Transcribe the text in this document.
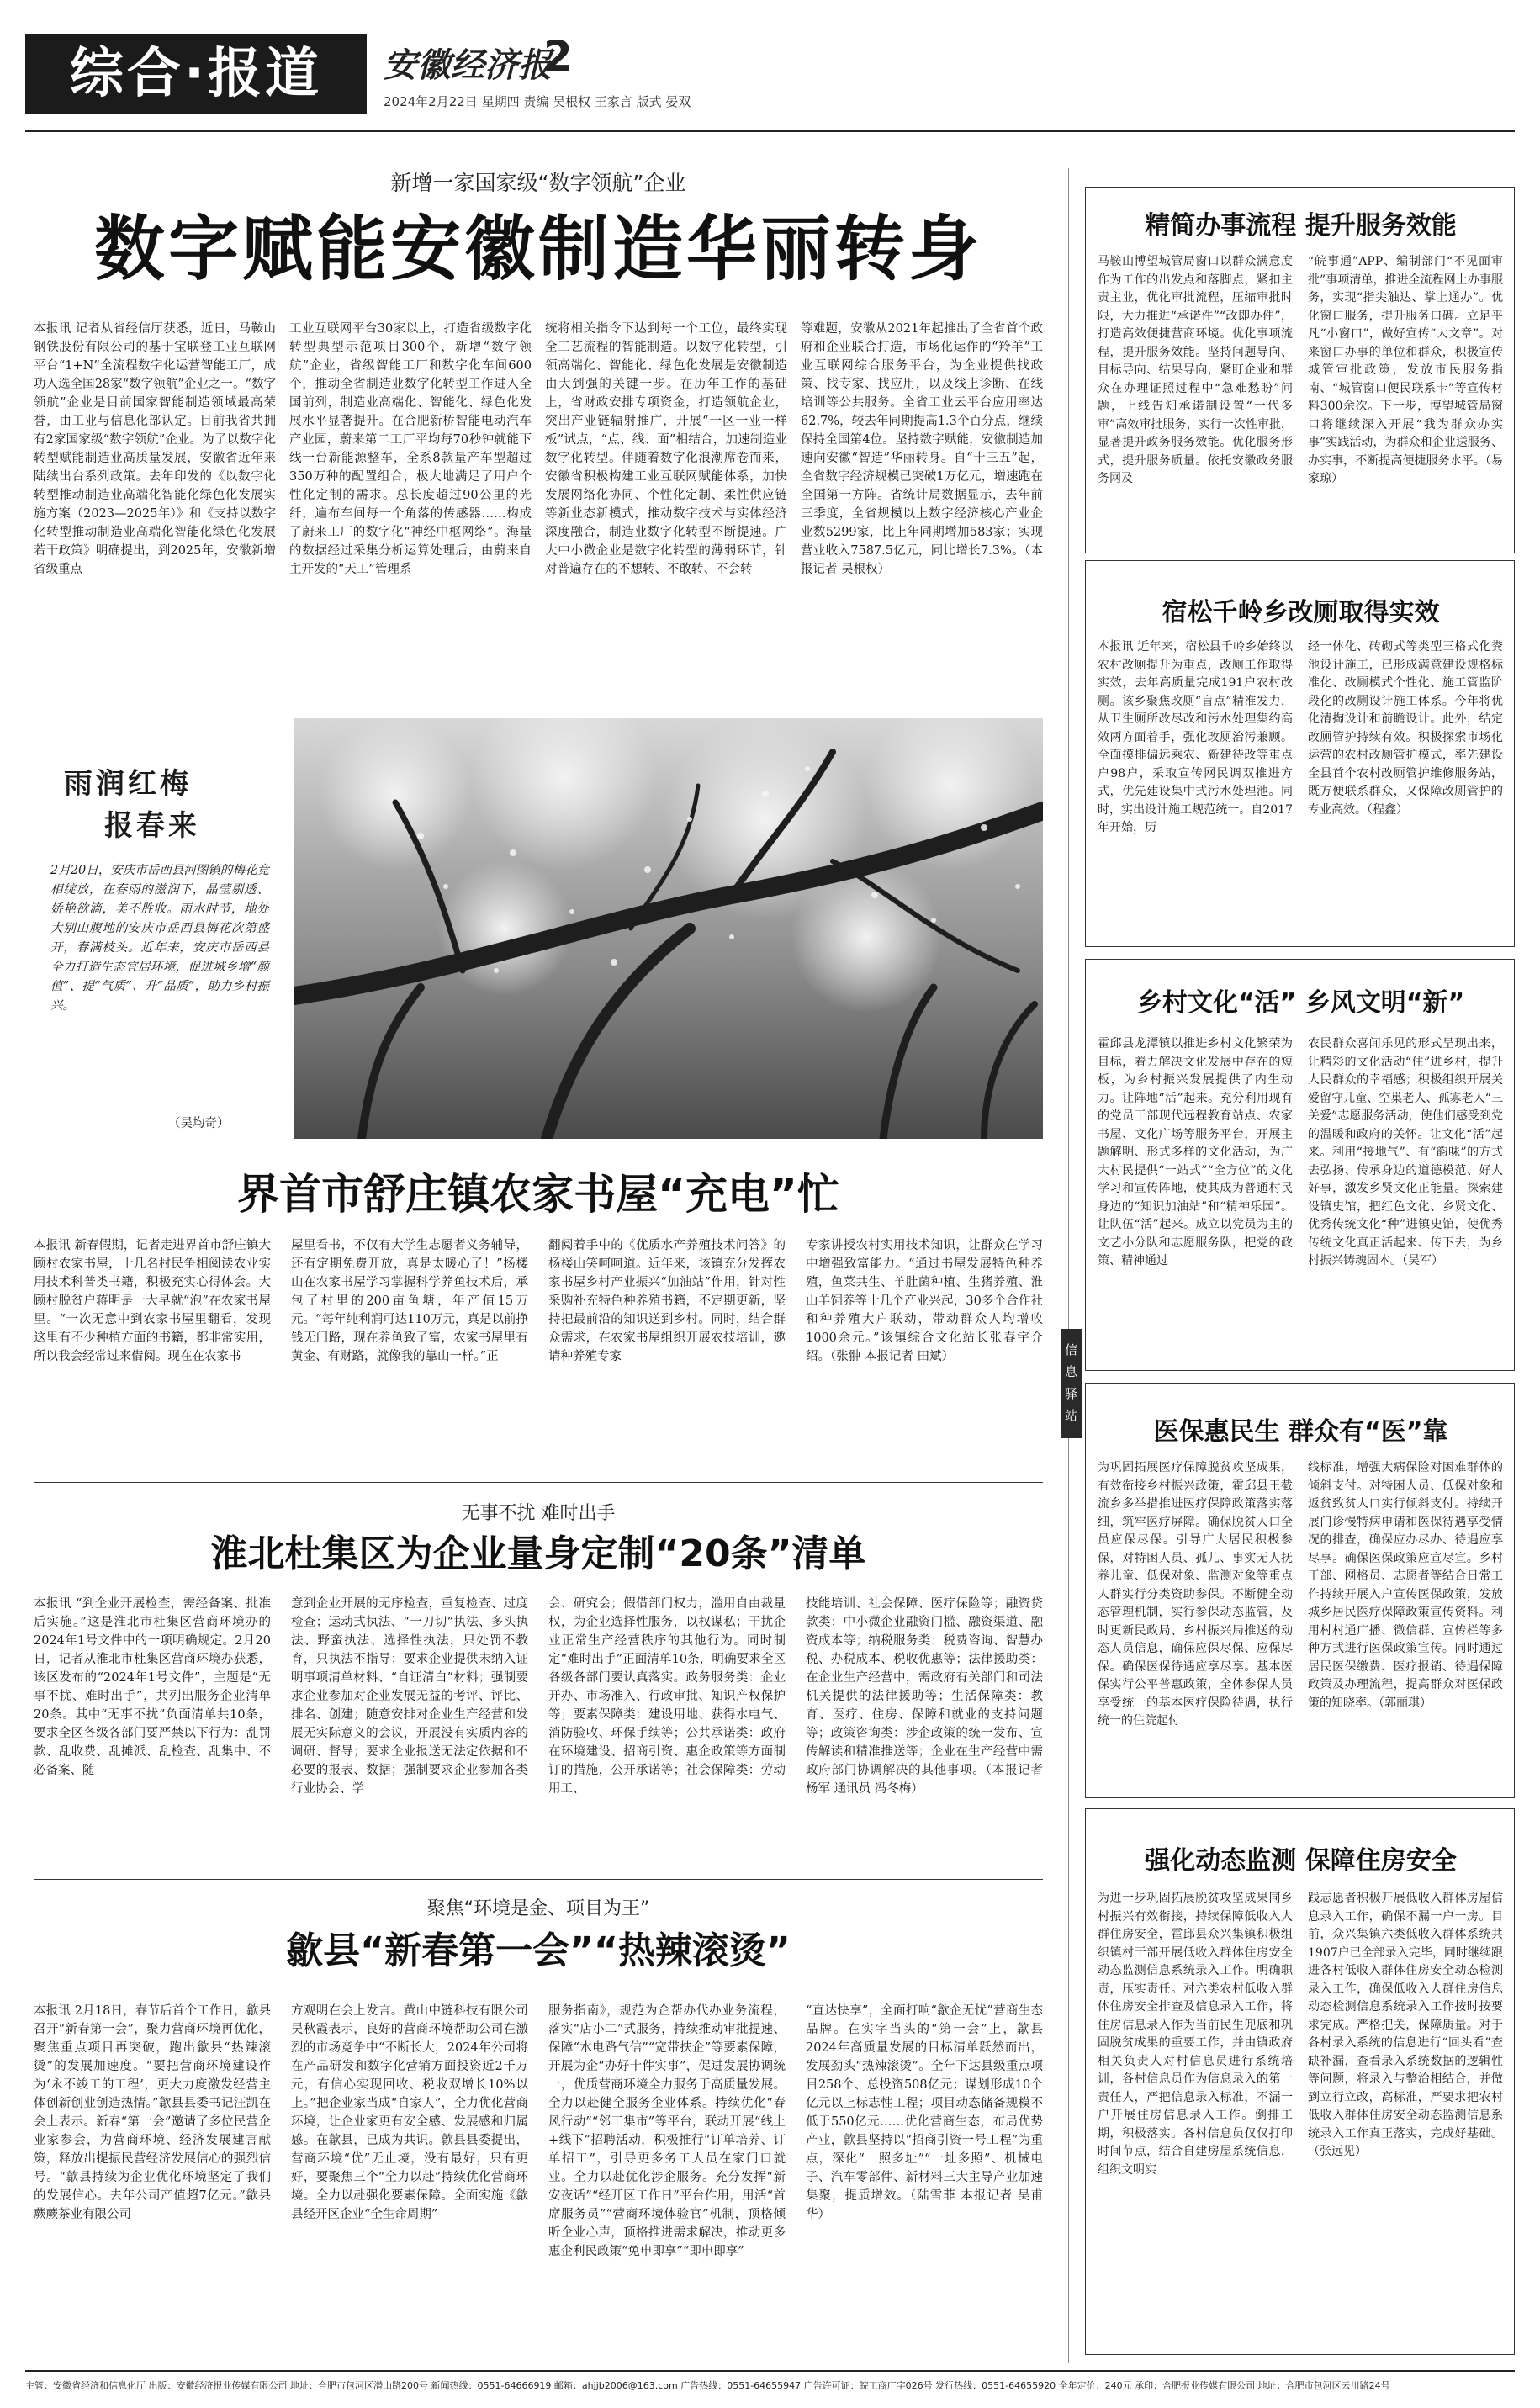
综合·报道	安徽经济报
2
2024年2月22日 星期四 责编 吴根权 王家言 版式 晏双
新增一家国家级“数字领航”企业
数字赋能安徽制造华丽转身
本报讯 记者从省经信厅获悉，近日，马鞍山钢铁股份有限公司的基于宝联登工业互联网平台“1+N”全流程数字化运营智能工厂，成功入选全国28家“数字领航”企业之一。“数字领航”企业是目前国家智能制造领域最高荣誉，由工业与信息化部认定。目前我省共拥有2家国家级“数字领航”企业。为了以数字化转型赋能制造业高质量发展，安徽省近年来陆续出台系列政策。去年印发的《以数字化转型推动制造业高端化智能化绿色化发展实施方案（2023—2025年）》和《支持以数字化转型推动制造业高端化智能化绿色化发展若干政策》明确提出，到2025年，安徽新增省级重点
工业互联网平台30家以上，打造省级数字化转型典型示范项目300个，新增“数字领航”企业，省级智能工厂和数字化车间600个，推动全省制造业数字化转型工作进入全国前列，制造业高端化、智能化、绿色化发展水平显著提升。在合肥新桥智能电动汽车产业园，蔚来第二工厂平均每70秒钟就能下线一台新能源整车，全系8款量产车型超过350万种的配置组合，极大地满足了用户个性化定制的需求。总长度超过90公里的光纤，遍布车间每一个角落的传感器……构成了蔚来工厂的数字化“神经中枢网络”。海量的数据经过采集分析运算处理后，由蔚来自主开发的“天工”管理系
统将相关指令下达到每一个工位，最终实现全工艺流程的智能制造。以数字化转型，引领高端化、智能化、绿色化发展是安徽制造由大到强的关键一步。在历年工作的基础上，省财政安排专项资金，打造领航企业，突出产业链辐射推广，开展“一区一业一样板”试点，“点、线、面”相结合，加速制造业数字化转型。伴随着数字化浪潮席卷而来，安徽省积极构建工业互联网赋能体系，加快发展网络化协同、个性化定制、柔性供应链等新业态新模式，推动数字技术与实体经济深度融合，制造业数字化转型不断提速。广大中小微企业是数字化转型的薄弱环节，针对普遍存在的不想转、不敢转、不会转
等难题，安徽从2021年起推出了全省首个政府和企业联合打造，市场化运作的“羚羊”工业互联网综合服务平台，为企业提供找政策、找专家、找应用，以及线上诊断、在线培训等公共服务。全省工业云平台应用率达62.7%，较去年同期提高1.3个百分点，继续保持全国第4位。坚持数字赋能，安徽制造加速向安徽“智造”华丽转身。自“十三五”起，全省数字经济规模已突破1万亿元，增速跑在全国第一方阵。省统计局数据显示，去年前三季度，全省规模以上数字经济核心产业企业数5299家，比上年同期增加583家；实现营业收入7587.5亿元，同比增长7.3%。（本报记者 吴根权）
雨润红梅
报春来
2月20日，安庆市岳西县河图镇的梅花竞相绽放，在春雨的滋润下，晶莹剔透、娇艳欲滴，美不胜收。雨水时节，地处大别山腹地的安庆市岳西县梅花次第盛开，春满枝头。近年来，安庆市岳西县全力打造生态宜居环境，促进城乡增“颜值”、提“气质”、升“品质”，助力乡村振兴。
（吴均奇）
界首市舒庄镇农家书屋“充电”忙
本报讯 新春假期，记者走进界首市舒庄镇大顾村农家书屋，十几名村民争相阅读农业实用技术科普类书籍，积极充实心得体会。大顾村脱贫户蒋明是一大早就“泡”在农家书屋里。“一次无意中到农家书屋里翻看，发现这里有不少种植方面的书籍，都非常实用，所以我会经常过来借阅。现在在农家书
屋里看书，不仅有大学生志愿者义务辅导，还有定期免费开放，真是太暖心了！”杨楼山在农家书屋学习掌握科学养鱼技术后，承包了村里的200亩鱼塘，年产值15万元。“每年纯利润可达110万元，真是以前挣钱无门路，现在养鱼致了富，农家书屋里有黄金、有财路，就像我的靠山一样。”正
翻阅着手中的《优质水产养殖技术问答》的杨楼山笑呵呵道。近年来，该镇充分发挥农家书屋乡村产业振兴“加油站”作用，针对性采购补充特色种养殖书籍，不定期更新，坚持把最前沿的知识送到乡村。同时，结合群众需求，在农家书屋组织开展农技培训，邀请种养殖专家
专家讲授农村实用技术知识，让群众在学习中增强致富能力。“通过书屋发展特色种养殖，鱼菜共生、羊肚菌种植、生猪养殖、淮山羊饲养等十几个产业兴起，30多个合作社和种养殖大户联动，带动群众人均增收1000余元。”该镇综合文化站长张春宇介绍。（张翀 本报记者 田斌）
无事不扰 难时出手
淮北杜集区为企业量身定制“20条”清单
本报讯 “到企业开展检查，需经备案、批准后实施。”这是淮北市杜集区营商环境办的2024年1号文件中的一项明确规定。2月20日，记者从淮北市杜集区营商环境办获悉，该区发布的“2024年1号文件”，主题是“无事不扰、难时出手”，共列出服务企业清单20条。其中“无事不扰”负面清单共10条，要求全区各级各部门要严禁以下行为：乱罚款、乱收费、乱摊派、乱检查、乱集中、不必备案、随
意到企业开展的无序检查，重复检查、过度检查；运动式执法、“一刀切”执法、多头执法、野蛮执法、选择性执法，只处罚不教育，只执法不指导；要求企业提供未纳入证明事项清单材料、“自证清白”材料；强制要求企业参加对企业发展无益的考评、评比、排名、创建；随意安排对企业生产经营和发展无实际意义的会议，开展没有实质内容的调研、督导；要求企业报送无法定依据和不必要的报表、数据；强制要求企业参加各类行业协会、学
会、研究会；假借部门权力，滥用自由裁量权，为企业选择性服务，以权谋私；干扰企业正常生产经营秩序的其他行为。同时制定“难时出手”正面清单10条，明确要求全区各级各部门要认真落实。政务服务类：企业开办、市场准入、行政审批、知识产权保护等；要素保障类：建设用地、获得水电气、消防验收、环保手续等；公共承诺类：政府在环境建设、招商引资、惠企政策等方面制订的措施，公开承诺等；社会保障类：劳动用工、
技能培训、社会保障、医疗保险等；融资贷款类：中小微企业融资门槛、融资渠道、融资成本等；纳税服务类：税费咨询、智慧办税、办税成本、税收优惠等；法律援助类：在企业生产经营中，需政府有关部门和司法机关提供的法律援助等；生活保障类：教育、医疗、住房、保障和就业的支持问题等；政策咨询类：涉企政策的统一发布、宣传解读和精准推送等；企业在生产经营中需政府部门协调解决的其他事项。（本报记者 杨军 通讯员 冯冬梅）
聚焦“环境是金、项目为王”
歙县“新春第一会”“热辣滚烫”
本报讯 2月18日，春节后首个工作日，歙县召开“新春第一会”，聚力营商环境再优化，聚焦重点项目再突破，跑出歙县“热辣滚烫”的发展加速度。“要把营商环境建设作为‘永不竣工的工程’，更大力度激发经营主体创新创业创造热情。”歙县县委书记汪凯在会上表示。新春“第一会”邀请了多位民营企业家参会，为营商环境、经济发展建言献策，释放出提振民营经济发展信心的强烈信号。“歙县持续为企业优化环境坚定了我们的发展信心。去年公司产值超7亿元。”歙县蕨蕨茶业有限公司
方观明在会上发言。黄山中链科技有限公司吴秋霞表示，良好的营商环境帮助公司在激烈的市场竞争中“不断长大，2024年公司将在产品研发和数字化营销方面投资近2千万元，有信心实现回收、税收双增长10%以上。”把企业家当成“自家人”，全力优化营商环境，让企业家更有安全感、发展感和归属感。在歙县，已成为共识。歙县县委提出，营商环境“优”无止境，没有最好，只有更好，要聚焦三个“全力以赴”持续优化营商环境。全力以赴强化要素保障。全面实施《歙县经开区企业“全生命周期”
服务指南》，规范为企帮办代办业务流程，落实“店小二”式服务，持续推动审批提速、保障“水电路气信”“宽带扶企”等要素保障，开展为企“办好十件实事”，促进发展协调统一，优质营商环境全力服务于高质量发展。全力以赴健全服务企业体系。持续优化“春风行动”“邻工集市”等平台，联动开展“线上+线下”招聘活动，积极推行“订单培养、订单招工”，引导更多务工人员在家门口就业。全力以赴优化涉企服务。充分发挥“新安夜话”“经开区工作日”平台作用，用活“首席服务员”“营商环境体验官”机制，顶格倾听企业心声，顶格推进需求解决，推动更多惠企利民政策“免申即享”“即申即享”
“直达快享”，全面打响“歙企无忧”营商生态品牌。在实字当头的“第一会”上，歙县2024年高质量发展的目标清单跃然而出，发展劲头“热辣滚烫”。全年下达县级重点项目258个、总投资508亿元；谋划形成10个亿元以上标志性工程；项目动态储备规模不低于550亿元……优化营商生态，布局优势产业，歙县坚持以“招商引资一号工程”为重点，深化“一照多址”“一址多照”、机械电子、汽车零部件、新材料三大主导产业加速集聚，提质增效。（陆雪菲 本报记者 吴甫华）
精简办事流程 提升服务效能
马鞍山博望城管局窗口以群众满意度作为工作的出发点和落脚点，紧扣主责主业，优化审批流程，压缩审批时限，大力推进“承诺件”“改即办件”，打造高效便捷营商环境。优化事项流程，提升服务效能。坚持问题导向、目标导向、结果导向，紧盯企业和群众在办理证照过程中“急难愁盼”问题，上线告知承诺制设置“一代多审”高效审批服务，实行一次性审批，显著提升政务服务效能。优化服务形式，提升服务质量。依托安徽政务服务网及
“皖事通”APP、编制部门“不见面审批”事项清单，推进全流程网上办事服务，实现“指尖触达、掌上通办”。优化窗口服务，提升服务口碑。立足平凡“小窗口”，做好宣传“大文章”。对来窗口办事的单位和群众，积极宣传城管审批政策，发放市民服务指南、“城管窗口便民联系卡”等宣传材料300余次。下一步，博望城管局窗口将继续深入开展“我为群众办实事”实践活动，为群众和企业送服务、办实事，不断提高便捷服务水平。（易家琼）
宿松千岭乡改厕取得实效
本报讯 近年来，宿松县千岭乡始终以农村改厕提升为重点，改厕工作取得实效，去年高质量完成191户农村改厕。该乡聚焦改厕“盲点”精准发力，从卫生厕所改尽改和污水处理集约高效两方面着手，强化改厕治污兼顾。全面摸排偏远乘农、新建待改等重点户98户，采取宣传网民调双推进方式，优先建设集中式污水处理池。同时，实出设计施工规范统一。自2017年开始，历
经一体化、砖砌式等类型三格式化粪池设计施工，已形成满意建设规格标准化、改厕模式个性化、施工管监阶段化的改厕设计施工体系。今年将优化清掏设计和前瞻设计。此外，结定改厕管护持续有效。积极探索市场化运营的农村改厕管护模式，率先建设全县首个农村改厕管护维修服务站，既方便联系群众，又保障改厕管护的专业高效。（程鑫）
乡村文化“活” 乡风文明“新”
霍邱县龙潭镇以推进乡村文化繁荣为目标，着力解决文化发展中存在的短板，为乡村振兴发展提供了内生动力。让阵地“活”起来。充分利用现有的党员干部现代远程教育站点、农家书屋、文化广场等服务平台，开展主题解明、形式多样的文化活动，为广大村民提供“一站式”“全方位”的文化学习和宣传阵地，使其成为普通村民身边的“知识加油站”和“精神乐园”。让队伍“活”起来。成立以党员为主的文艺小分队和志愿服务队，把党的政策、精神通过
农民群众喜闻乐见的形式呈现出来，让精彩的文化活动“住”进乡村，提升人民群众的幸福感；积极组织开展关爱留守儿童、空巢老人、孤寡老人“三关爱”志愿服务活动，使他们感受到党的温暖和政府的关怀。让文化“活”起来。利用“接地气”、有“韵味”的方式去弘扬、传承身边的道德模范、好人好事，激发乡贤文化正能量。探索建设镇史馆，把红色文化、乡贤文化、优秀传统文化“种”进镇史馆，使优秀传统文化真正活起来、传下去，为乡村振兴铸魂固本。（吴军）
信息驿站
医保惠民生 群众有“医”靠
为巩固拓展医疗保障脱贫攻坚成果，有效衔接乡村振兴政策，霍邱县王截流乡多举措推进医疗保障政策落实落细，筑牢医疗屏障。确保脱贫人口全员应保尽保。引导广大居民积极参保，对特困人员、孤儿、事实无人抚养儿童、低保对象、监测对象等重点人群实行分类资助参保。不断健全动态管理机制，实行参保动态监管，及时更新民政局、乡村振兴局推送的动态人员信息，确保应保尽保、应保尽保。确保医保待遇应享尽享。基本医保实行公平普惠政策，全体参保人员享受统一的基本医疗保险待遇，执行统一的住院起付
线标准，增强大病保险对困难群体的倾斜支付。对特困人员、低保对象和返贫致贫人口实行倾斜支付。持续开展门诊慢特病申请和医保待遇享受情况的排查，确保应办尽办、待遇应享尽享。确保医保政策应宣尽宣。乡村干部、网格员、志愿者等结合日常工作持续开展入户宣传医保政策，发放城乡居民医疗保障政策宣传资料。利用村村通广播、微信群、宣传栏等多种方式进行医保政策宣传。同时通过居民医保缴费、医疗报销、待遇保障政策及办理流程，提高群众对医保政策的知晓率。（郭丽琪）
强化动态监测 保障住房安全
为进一步巩固拓展脱贫攻坚成果同乡村振兴有效衔接，持续保障低收入人群住房安全，霍邱县众兴集镇积极组织镇村干部开展低收入群体住房安全动态监测信息系统录入工作。明确职责，压实责任。对六类农村低收入群体住房安全排查及信息录入工作，将住房信息录入作为当前民生兜底和巩固脱贫成果的重要工作，并由镇政府相关负责人对村信息员进行系统培训，各村信息员作为信息录入的第一责任人，严把信息录入标准，不漏一户开展住房信息录入工作。倒排工期，积极落实。各村信息员仅仅打印时间节点，结合自建房屋系统信息，组织文明实
践志愿者积极开展低收入群体房屋信息录入工作，确保不漏一户一房。目前，众兴集镇六类低收入群体系统共1907户已全部录入完毕，同时继续跟进各村低收入群体住房安全动态检测录入工作，确保低收入人群住房信息动态检测信息系统录入工作按时按要求完成。严格把关，保障质量。对于各村录入系统的信息进行“回头看”查缺补漏，查看录入系统数据的逻辑性等问题，将录入与整治相结合，并做到立行立改，高标准，严要求把农村低收入群体住房安全动态监测信息系统录入工作真正落实，完成好基础。（张远见）
主管：安徽省经济和信息化厅 出版：安徽经济报业传媒有限公司 地址：合肥市包河区潜山路200号 新闻热线：0551-64666919 邮箱：ahjjb2006@163.com 广告热线：0551-64655947 广告许可证：皖工商广字026号 发行热线：0551-64655920 全年定价：240元 承印：合肥报业传媒有限公司 地址：合肥市包河区云川路24号
